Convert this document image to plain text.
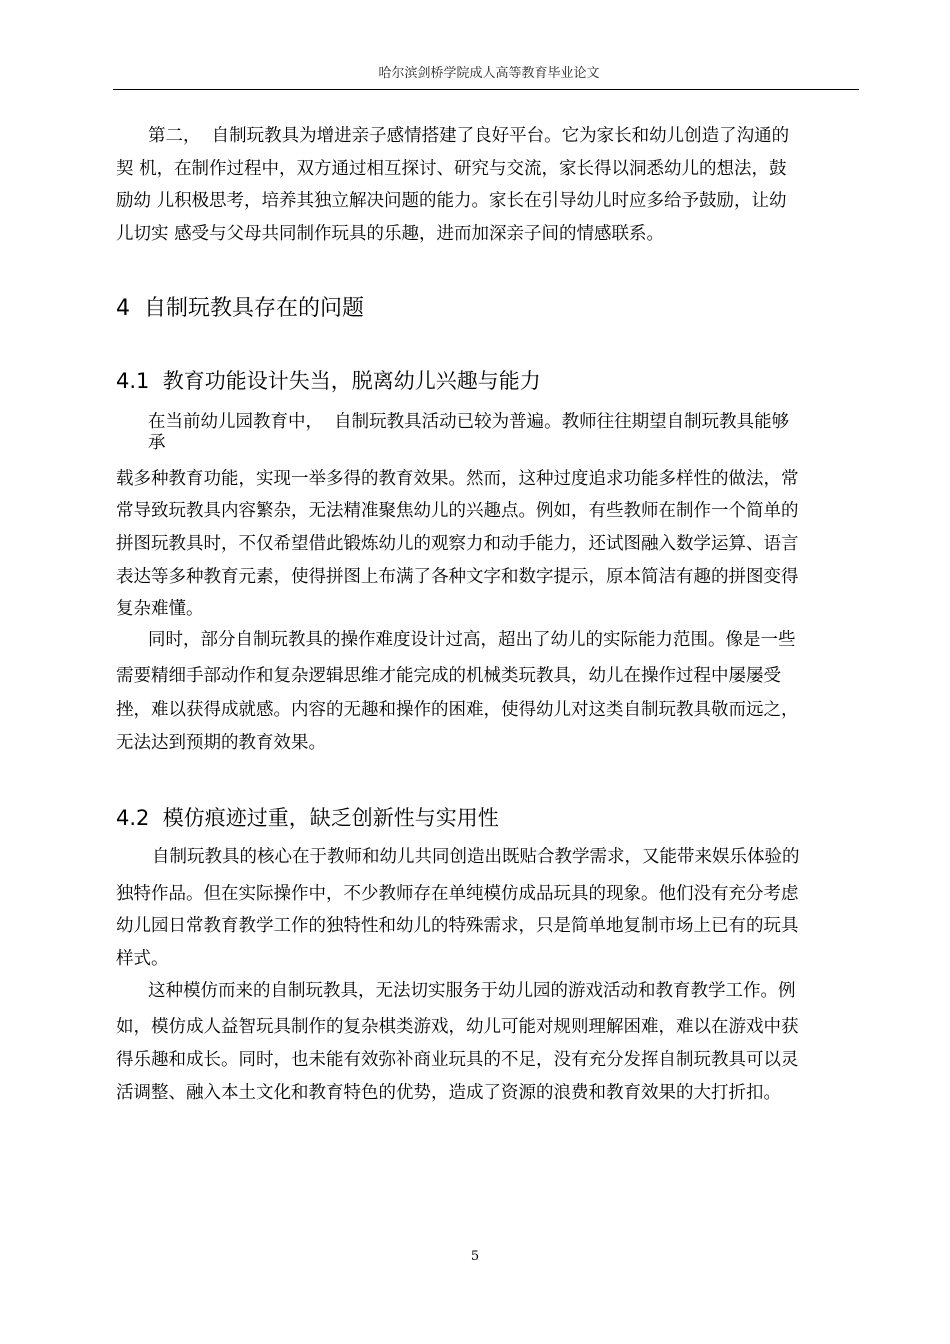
哈尔滨剑桥学院成人高等教育毕业论文
第二，  自制玩教具为增进亲子感情搭建了良好平台。它为家长和幼儿创造了沟通的
契 机，在制作过程中，双方通过相互探讨、研究与交流，家长得以洞悉幼儿的想法，鼓
励幼 儿积极思考，培养其独立解决问题的能力。家长在引导幼儿时应多给予鼓励，让幼
儿切实 感受与父母共同制作玩具的乐趣，进而加深亲子间的情感联系。
4  自制玩教具存在的问题
4.1  教育功能设计失当，脱离幼儿兴趣与能力
在当前幼儿园教育中，  自制玩教具活动已较为普遍。教师往往期望自制玩教具能够
承
载多种教育功能，实现一举多得的教育效果。然而，这种过度追求功能多样性的做法，常
常导致玩教具内容繁杂，无法精准聚焦幼儿的兴趣点。例如，有些教师在制作一个简单的
拼图玩教具时，不仅希望借此锻炼幼儿的观察力和动手能力，还试图融入数学运算、语言
表达等多种教育元素，使得拼图上布满了各种文字和数字提示，原本简洁有趣的拼图变得
复杂难懂。
同时，部分自制玩教具的操作难度设计过高，超出了幼儿的实际能力范围。像是一些
需要精细手部动作和复杂逻辑思维才能完成的机械类玩教具，幼儿在操作过程中屡屡受
挫，难以获得成就感。内容的无趣和操作的困难，使得幼儿对这类自制玩教具敬而远之，
无法达到预期的教育效果。
4.2  模仿痕迹过重，缺乏创新性与实用性
自制玩教具的核心在于教师和幼儿共同创造出既贴合教学需求，又能带来娱乐体验的
独特作品。但在实际操作中，不少教师存在单纯模仿成品玩具的现象。他们没有充分考虑
幼儿园日常教育教学工作的独特性和幼儿的特殊需求，只是简单地复制市场上已有的玩具
样式。
这种模仿而来的自制玩教具，无法切实服务于幼儿园的游戏活动和教育教学工作。例
如，模仿成人益智玩具制作的复杂棋类游戏，幼儿可能对规则理解困难，难以在游戏中获
得乐趣和成长。同时，也未能有效弥补商业玩具的不足，没有充分发挥自制玩教具可以灵
活调整、融入本土文化和教育特色的优势，造成了资源的浪费和教育效果的大打折扣。
5
